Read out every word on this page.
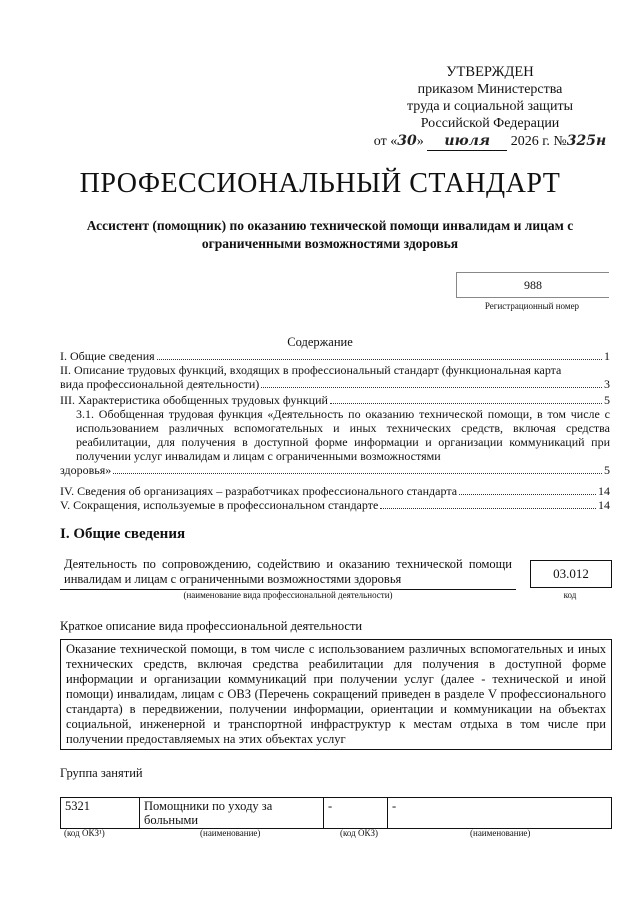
УТВЕРЖДЕН
приказом Министерства
труда и социальной защиты
Российской Федерации
от «30» июля 2026 г. №325н
ПРОФЕССИОНАЛЬНЫЙ СТАНДАРТ
Ассистент (помощник) по оказанию технической помощи инвалидам и лицам с ограниченными возможностями здоровья
988
Регистрационный номер
Содержание
I. Общие сведения	1
II. Описание трудовых функций, входящих в профессиональный стандарт (функциональная карта
вида профессиональной деятельности)	3
III. Характеристика обобщенных трудовых функций	5
3.1. Обобщенная трудовая функция «Деятельность по оказанию технической помощи, в том числе с использованием различных вспомогательных и иных технических средств, включая средства реабилитации, для получения в доступной форме информации и организации коммуникаций при получении услуг инвалидам и лицам с ограниченными возможностями
здоровья»	5
IV. Сведения об организациях – разработчиках профессионального стандарта	14
V. Сокращения, используемые в профессиональном стандарте	14
I. Общие сведения
Деятельность по сопровождению, содействию и оказанию технической помощи инвалидам и лицам с ограниченными возможностями здоровья
(наименование вида профессиональной деятельности)
03.012
код
Краткое описание вида профессиональной деятельности
Оказание технической помощи, в том числе с использованием различных вспомогательных и иных технических средств, включая средства реабилитации для получения в доступной форме информации и организации коммуникаций при получении услуг (далее - технической и иной помощи) инвалидам, лицам с ОВЗ (Перечень сокращений приведен в разделе V профессионального стандарта) в передвижении, получении информации, ориентации и коммуникации на объектах социальной, инженерной и транспортной инфраструктур к местам отдыха в том числе при получении предоставляемых на этих объектах услуг
Группа занятий
5321	Помощники по уходу за больными	-	-
(код ОКЗ¹)	(наименование)	(код ОКЗ)	(наименование)
